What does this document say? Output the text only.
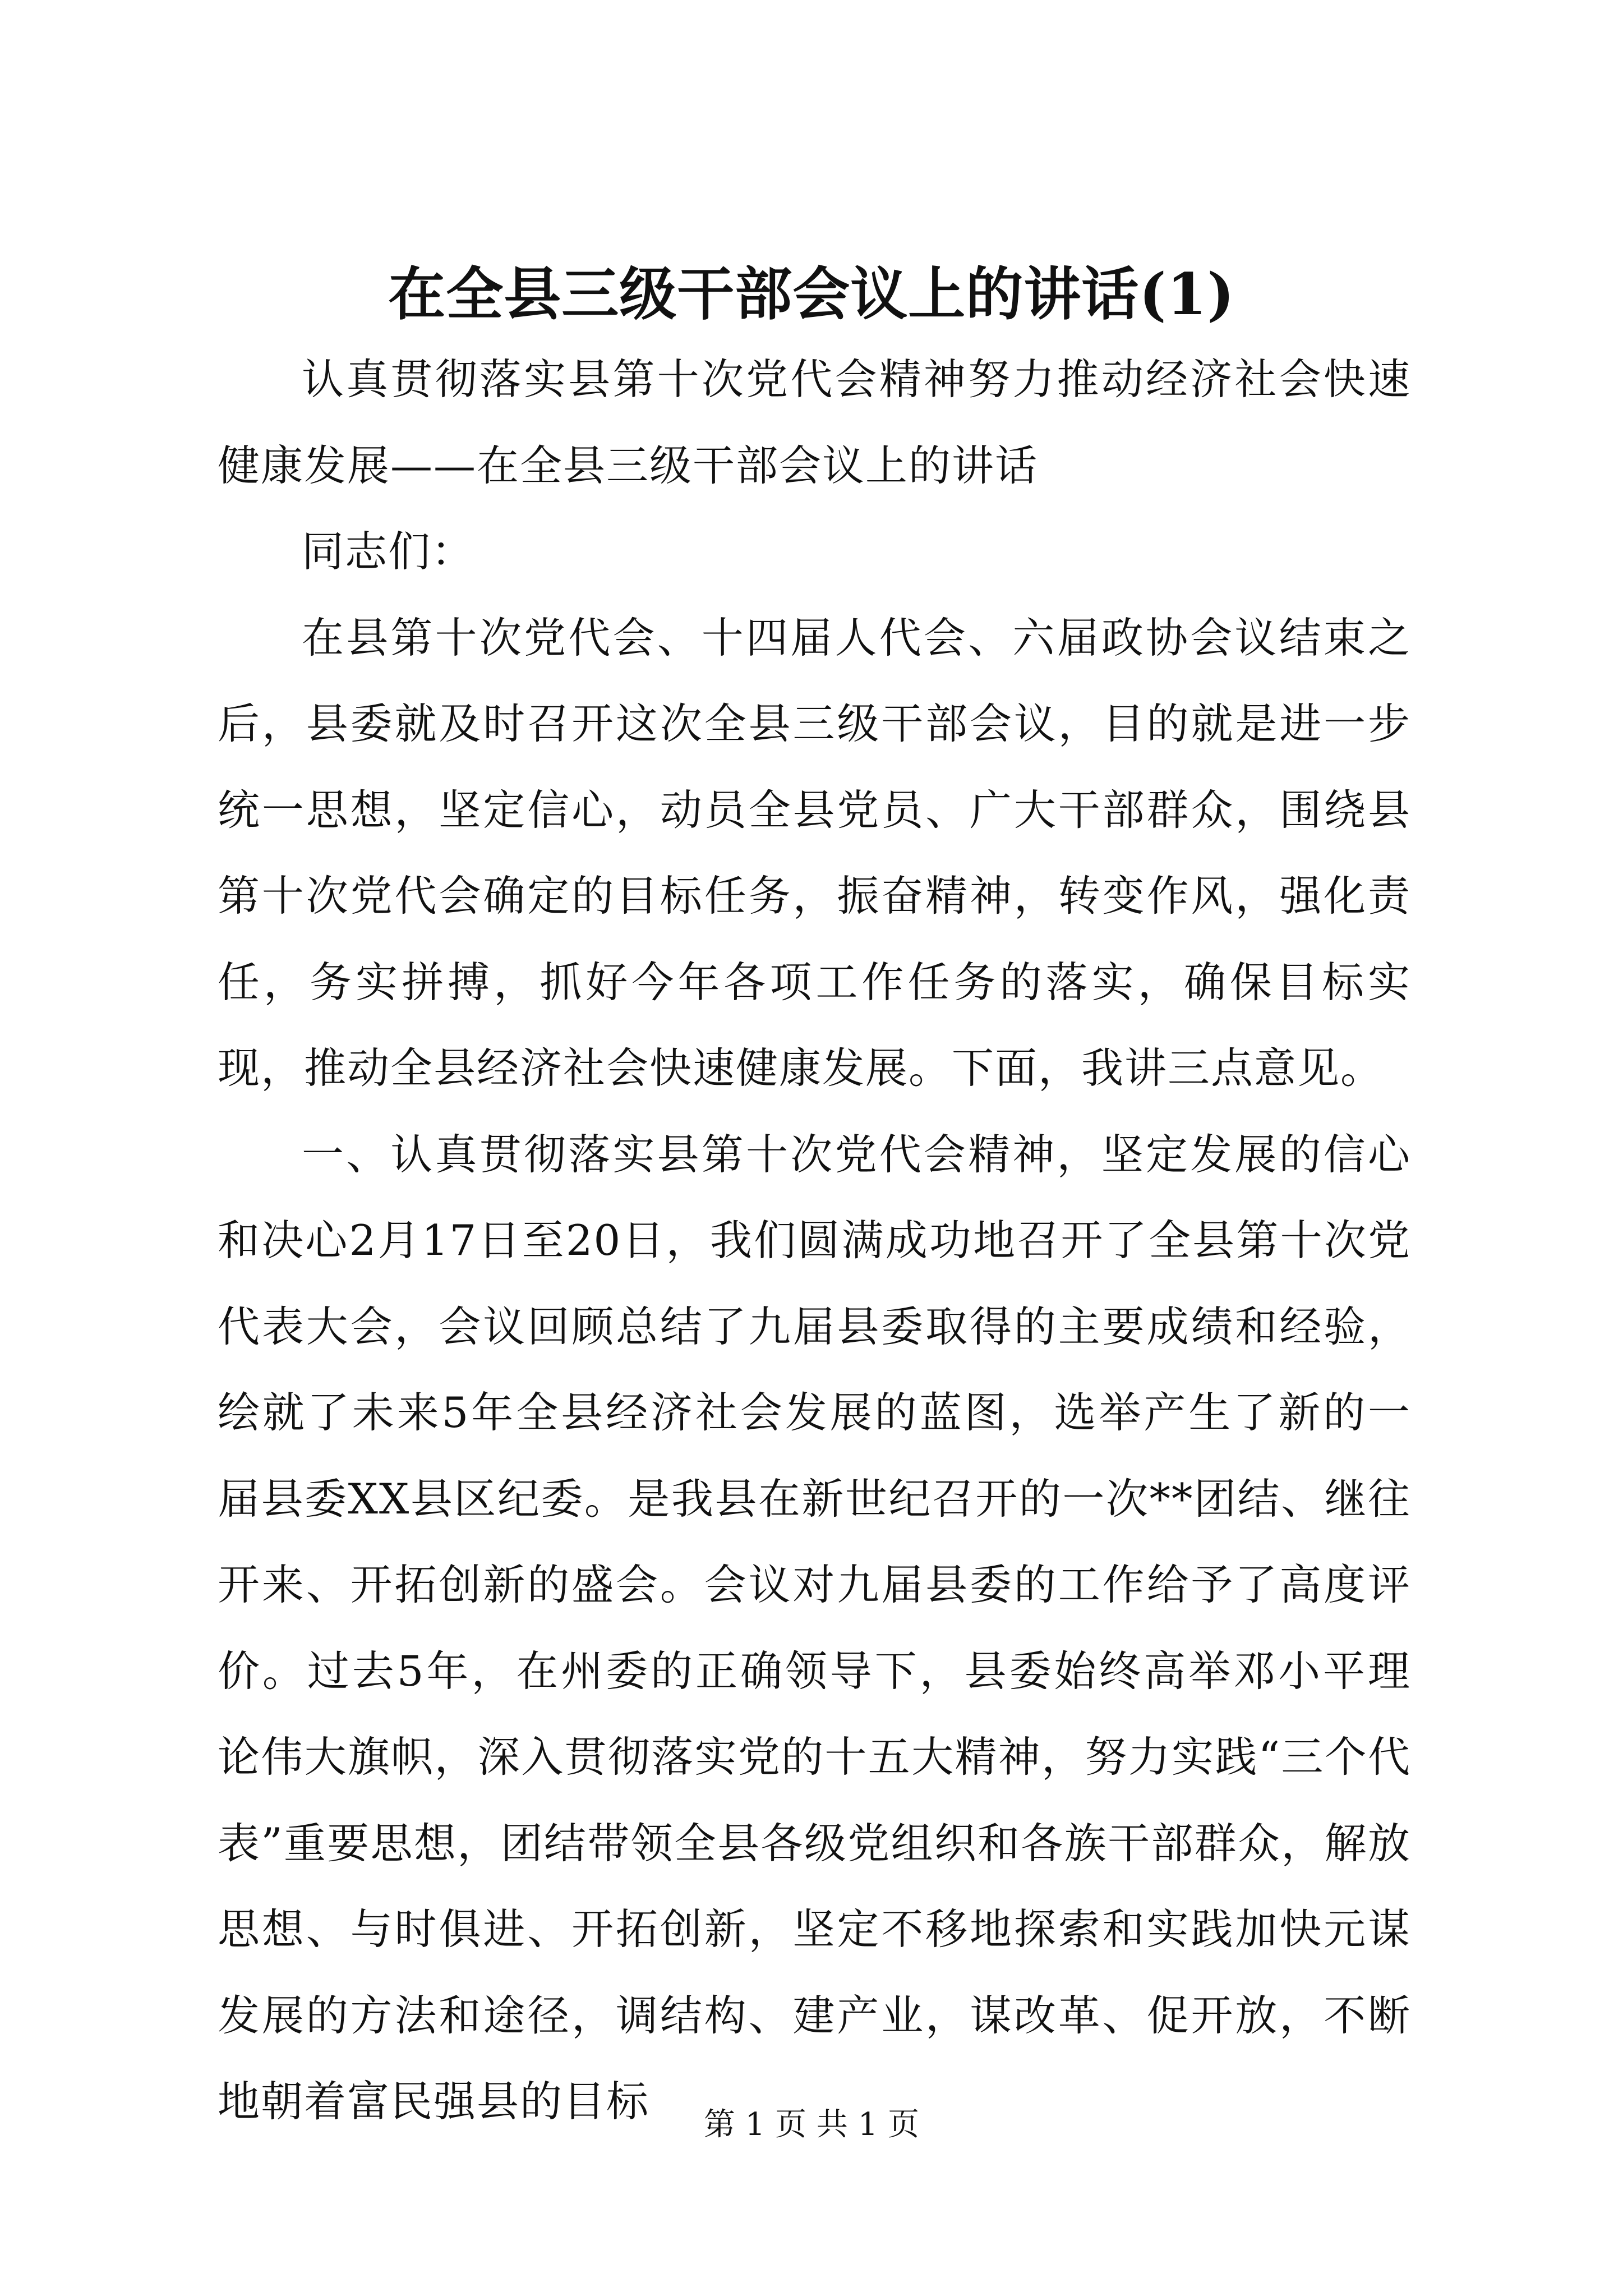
在全县三级干部会议上的讲话(1)

认真贯彻落实县第十次党代会精神努力推动经济社会快速健康发展——在全县三级干部会议上的讲话

同志们：

在县第十次党代会、十四届人代会、六届政协会议结束之后，县委就及时召开这次全县三级干部会议，目的就是进一步统一思想，坚定信心，动员全县党员、广大干部群众，围绕县第十次党代会确定的目标任务，振奋精神，转变作风，强化责任，务实拼搏，抓好今年各项工作任务的落实，确保目标实现，推动全县经济社会快速健康发展。下面，我讲三点意见。

一、认真贯彻落实县第十次党代会精神，坚定发展的信心和决心2月17日至20日，我们圆满成功地召开了全县第十次党代表大会，会议回顾总结了九届县委取得的主要成绩和经验，绘就了未来5年全县经济社会发展的蓝图，选举产生了新的一届县委XX县区纪委。是我县在新世纪召开的一次**团结、继往开来、开拓创新的盛会。会议对九届县委的工作给予了高度评价。过去5年，在州委的正确领导下，县委始终高举邓小平理论伟大旗帜，深入贯彻落实党的十五大精神，努力实践“三个代表”重要思想，团结带领全县各级党组织和各族干部群众，解放思想、与时俱进、开拓创新，坚定不移地探索和实践加快元谋发展的方法和途径，调结构、建产业，谋改革、促开放，不断地朝着富民强县的目标	第 1 页 共 1 页
